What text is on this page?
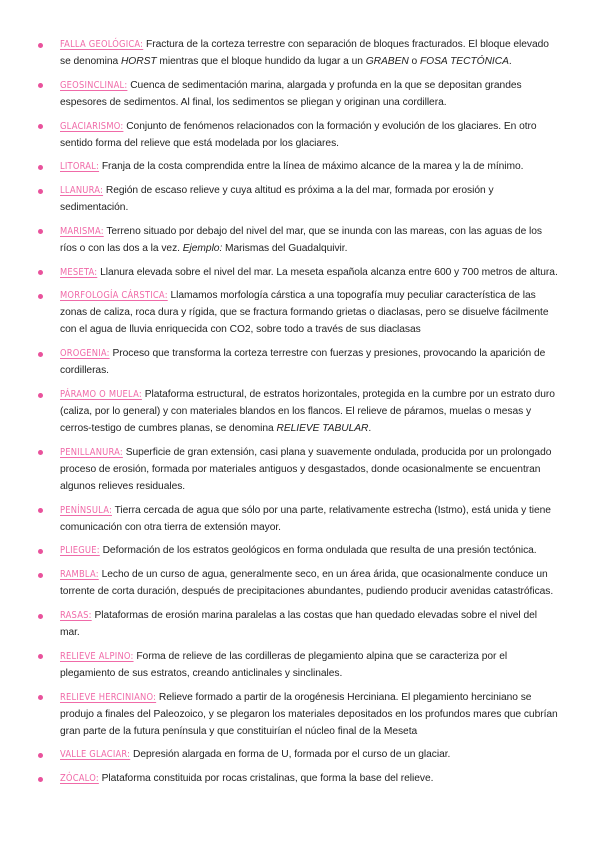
FALLA GEOLÓGICA: Fractura de la corteza terrestre con separación de bloques fracturados. El bloque elevado se denomina HORST mientras que el bloque hundido da lugar a un GRABEN o FOSA TECTÓNICA.
GEOSINCLINAL: Cuenca de sedimentación marina, alargada y profunda en la que se depositan grandes espesores de sedimentos. Al final, los sedimentos se pliegan y originan una cordillera.
GLACIARISMO: Conjunto de fenómenos relacionados con la formación y evolución de los glaciares. En otro sentido forma del relieve que está modelada por los glaciares.
LITORAL: Franja de la costa comprendida entre la línea de máximo alcance de la marea y la de mínimo.
LLANURA: Región de escaso relieve y cuya altitud es próxima a la del mar, formada por erosión y sedimentación.
MARISMA: Terreno situado por debajo del nivel del mar, que se inunda con las mareas, con las aguas de los ríos o con las dos a la vez. Ejemplo: Marismas del Guadalquivir.
MESETA: Llanura elevada sobre el nivel del mar. La meseta española alcanza entre 600 y 700 metros de altura.
MORFOLOGÍA CÁRSTICA: Llamamos morfología cárstica a una topografía muy peculiar característica de las zonas de caliza, roca dura y rígida, que se fractura formando grietas o diaclasas, pero se disuelve fácilmente con el agua de lluvia enriquecida con CO2, sobre todo a través de sus diaclasas
OROGENIA: Proceso que transforma la corteza terrestre con fuerzas y presiones, provocando la aparición de cordilleras.
PÁRAMO O MUELA: Plataforma estructural, de estratos horizontales, protegida en la cumbre por un estrato duro (caliza, por lo general) y con materiales blandos en los flancos. El relieve de páramos, muelas o mesas y cerros-testigo de cumbres planas, se denomina RELIEVE TABULAR.
PENILLANURA: Superficie de gran extensión, casi plana y suavemente ondulada, producida por un prolongado proceso de erosión, formada por materiales antiguos y desgastados, donde ocasionalmente se encuentran algunos relieves residuales.
PENÍNSULA: Tierra cercada de agua que sólo por una parte, relativamente estrecha (Istmo), está unida y tiene comunicación con otra tierra de extensión mayor.
PLIEGUE: Deformación de los estratos geológicos en forma ondulada que resulta de una presión tectónica.
RAMBLA: Lecho de un curso de agua, generalmente seco, en un área árida, que ocasionalmente conduce un torrente de corta duración, después de precipitaciones abundantes, pudiendo producir avenidas catastróficas.
RASAS: Plataformas de erosión marina paralelas a las costas que han quedado elevadas sobre el nivel del mar.
RELIEVE ALPINO: Forma de relieve de las cordilleras de plegamiento alpina que se caracteriza por el plegamiento de sus estratos, creando anticlinales y sinclinales.
RELIEVE HERCINIANO: Relieve formado a partir de la orogénesis Herciniana. El plegamiento herciniano se produjo a finales del Paleozoico, y se plegaron los materiales depositados en los profundos mares que cubrían gran parte de la futura península y que constituirían el núcleo final de la Meseta
VALLE GLACIAR: Depresión alargada en forma de U, formada por el curso de un glaciar.
ZÓCALO: Plataforma constituida por rocas cristalinas, que forma la base del relieve.
